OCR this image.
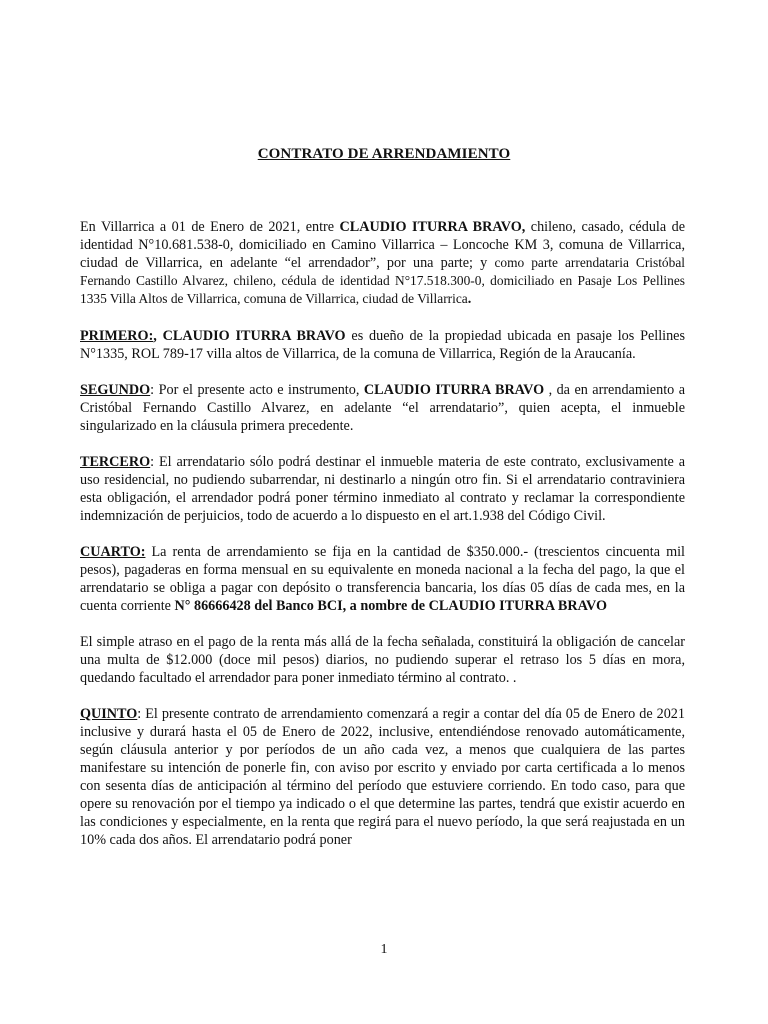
CONTRATO DE ARRENDAMIENTO

En Villarrica a 01 de Enero de 2021, entre CLAUDIO ITURRA BRAVO, chileno, casado, cédula de identidad N°10.681.538-0, domiciliado en Camino Villarrica – Loncoche KM 3, comuna de Villarrica, ciudad de Villarrica, en adelante “el arrendador”, por una parte; y como parte arrendataria Cristóbal Fernando Castillo Alvarez, chileno, cédula de identidad N°17.518.300-0, domiciliado en Pasaje Los Pellines 1335 Villa Altos de Villarrica, comuna de Villarrica, ciudad de Villarrica.

PRIMERO:, CLAUDIO ITURRA BRAVO es dueño de la propiedad ubicada en pasaje los Pellines N°1335, ROL 789-17 villa altos de Villarrica, de la comuna de Villarrica, Región de la Araucanía.

SEGUNDO: Por el presente acto e instrumento, CLAUDIO ITURRA BRAVO , da en arrendamiento a Cristóbal Fernando Castillo Alvarez, en adelante “el arrendatario”, quien acepta, el inmueble singularizado en la cláusula primera precedente.

TERCERO: El arrendatario sólo podrá destinar el inmueble materia de este contrato, exclusivamente a uso residencial, no pudiendo subarrendar, ni destinarlo a ningún otro fin. Si el arrendatario contraviniera esta obligación, el arrendador podrá poner término inmediato al contrato y reclamar la correspondiente indemnización de perjuicios, todo de acuerdo a lo dispuesto en el art.1.938 del Código Civil.

CUARTO: La renta de arrendamiento se fija en la cantidad de $350.000.- (trescientos cincuenta mil pesos), pagaderas en forma mensual en su equivalente en moneda nacional a la fecha del pago, la que el arrendatario se obliga a pagar con depósito o transferencia bancaria, los días 05 días de cada mes, en la cuenta corriente N° 86666428 del Banco BCI, a nombre de CLAUDIO ITURRA BRAVO

El simple atraso en el pago de la renta más allá de la fecha señalada, constituirá la obligación de cancelar una multa de $12.000 (doce mil pesos) diarios, no pudiendo superar el retraso los 5 días en mora, quedando facultado el arrendador para poner inmediato término al contrato. .

QUINTO: El presente contrato de arrendamiento comenzará a regir a contar del día 05 de Enero de 2021 inclusive y durará hasta el 05 de Enero de 2022, inclusive, entendiéndose renovado automáticamente, según cláusula anterior y por períodos de un año cada vez, a menos que cualquiera de las partes manifestare su intención de ponerle fin, con aviso por escrito y enviado por carta certificada a lo menos con sesenta días de anticipación al término del período que estuviere corriendo. En todo caso, para que opere su renovación por el tiempo ya indicado o el que determine las partes, tendrá que existir acuerdo en las condiciones y especialmente, en la renta que regirá para el nuevo período, la que será reajustada en un 10% cada dos años. El arrendatario podrá poner

1
